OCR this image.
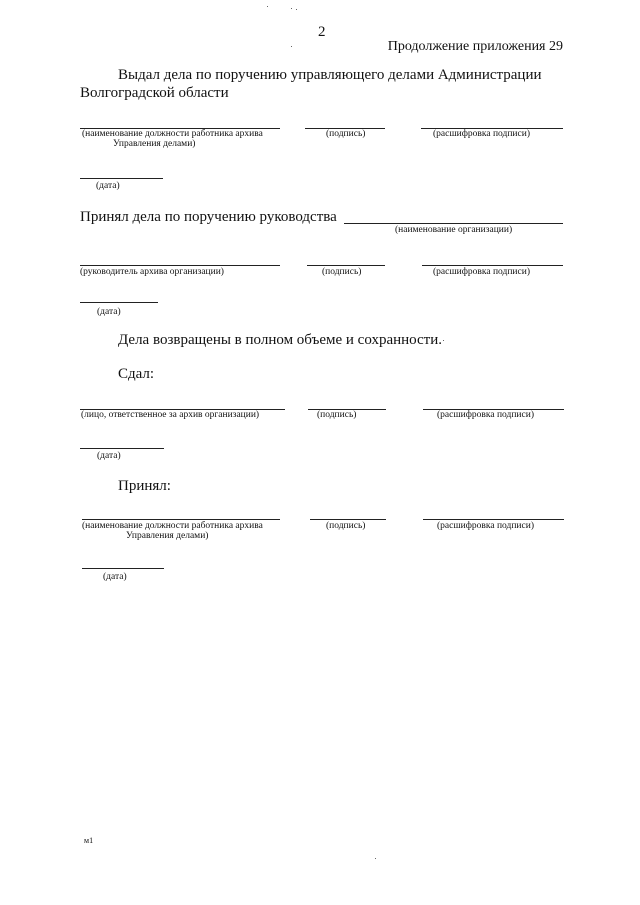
2
Продолжение приложения 29
Выдал дела по поручению управляющего делами Администрации
Волгоградской области
(наименование должности работника архива
Управления делами)
(подпись)	(расшифровка подписи)
(дата)
Принял дела по поручению руководства
(наименование организации)
(руководитель архива организации)	(подпись)	(расшифровка подписи)
(дата)
Дела возвращены в полном объеме и сохранности.
Сдал:
(лицо, ответственное за архив организации)	(подпись)	(расшифровка подписи)
(дата)
Принял:
(наименование должности работника архива
Управления делами)
(подпись)	(расшифровка подписи)
(дата)
м1
